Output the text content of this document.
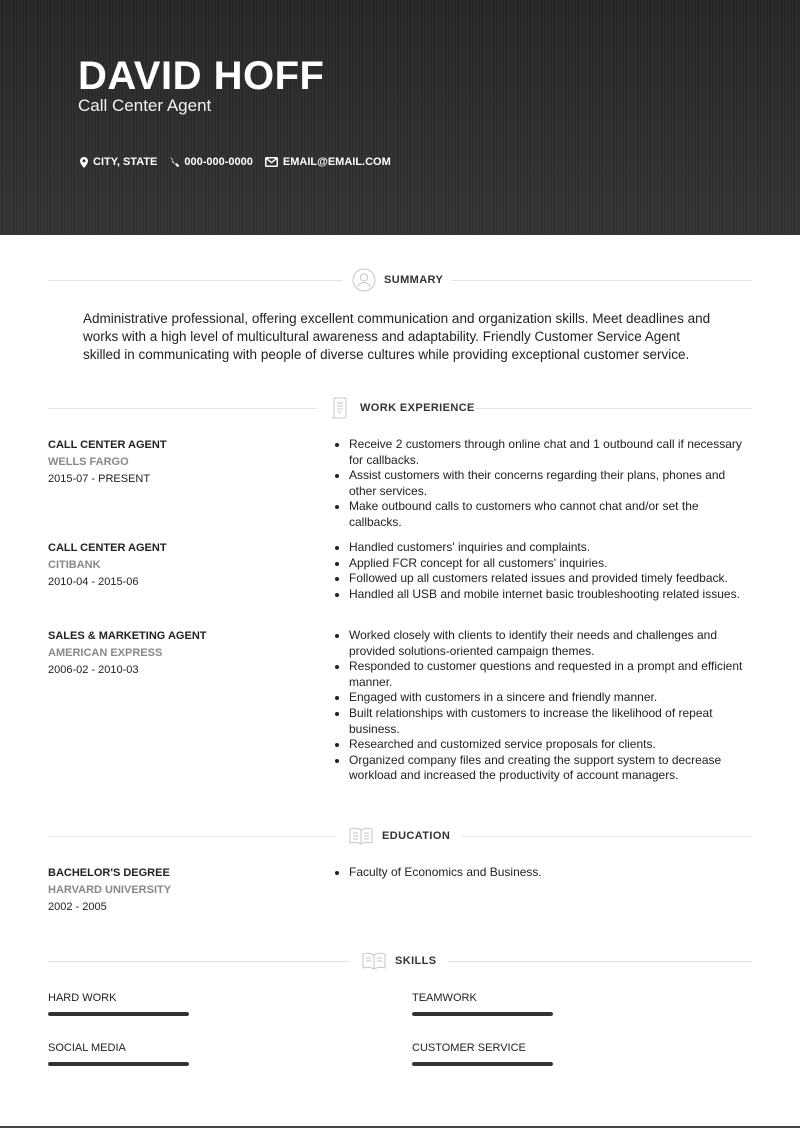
DAVID HOFF
Call Center Agent
CITY, STATE 000-000-0000	EMAIL@EMAIL.COM
SUMMARY
Administrative professional, offering excellent communication and organization skills. Meet deadlines and
works with a high level of multicultural awareness and adaptability. Friendly Customer Service Agent
skilled in communicating with people of diverse cultures while providing exceptional customer service.
WORK EXPERIENCE
CALL CENTER AGENT
WELLS FARGO
2015-07 - PRESENT
Receive 2 customers through online chat and 1 outbound call if necessary for callbacks.
Assist customers with their concerns regarding their plans, phones and other services.
Make outbound calls to customers who cannot chat and/or set the callbacks.
CALL CENTER AGENT
CITIBANK
2010-04 - 2015-06
Handled customers' inquiries and complaints.
Applied FCR concept for all customers' inquiries.
Followed up all customers related issues and provided timely feedback.
Handled all USB and mobile internet basic troubleshooting related issues.
SALES & MARKETING AGENT
AMERICAN EXPRESS
2006-02 - 2010-03
Worked closely with clients to identify their needs and challenges and provided solutions-oriented campaign themes.
Responded to customer questions and requested in a prompt and efficient manner.
Engaged with customers in a sincere and friendly manner.
Built relationships with customers to increase the likelihood of repeat business.
Researched and customized service proposals for clients.
Organized company files and creating the support system to decrease workload and increased the productivity of account managers.
EDUCATION
BACHELOR'S DEGREE
HARVARD UNIVERSITY
2002 - 2005
Faculty of Economics and Business.
SKILLS
HARD WORK	TEAMWORK
SOCIAL MEDIA	CUSTOMER SERVICE
